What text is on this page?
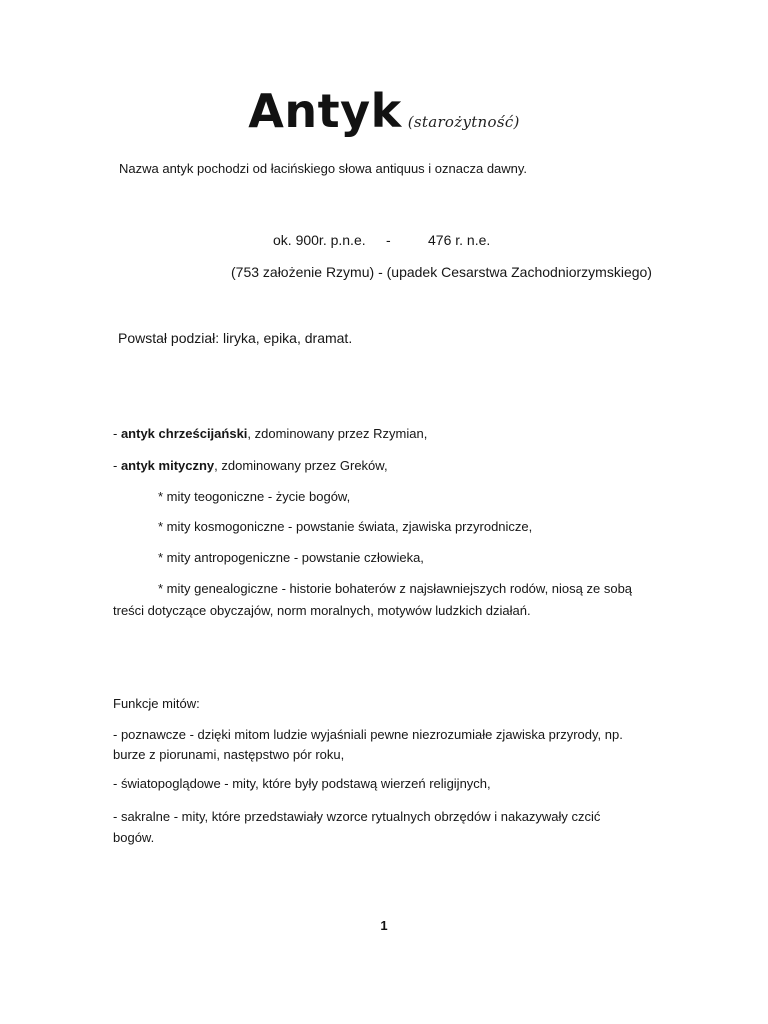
Antyk (starożytność)
Nazwa antyk pochodzi od łacińskiego słowa antiquus i oznacza dawny.
ok. 900r. p.n.e. -	476 r. n.e.
(753 założenie Rzymu) - (upadek Cesarstwa Zachodniorzymskiego)
Powstał podział: liryka, epika, dramat.
- antyk chrześcijański, zdominowany przez Rzymian,
- antyk mityczny, zdominowany przez Greków,
* mity teogoniczne - życie bogów,
* mity kosmogoniczne - powstanie świata, zjawiska przyrodnicze,
* mity antropogeniczne - powstanie człowieka,
* mity genealogiczne - historie bohaterów z najsławniejszych rodów, niosą ze sobą
treści dotyczące obyczajów, norm moralnych, motywów ludzkich działań.
Funkcje mitów:
- poznawcze - dzięki mitom ludzie wyjaśniali pewne niezrozumiałe zjawiska przyrody, np.
burze z piorunami, następstwo pór roku,
- światopoglądowe - mity, które były podstawą wierzeń religijnych,
- sakralne - mity, które przedstawiały wzorce rytualnych obrzędów i nakazywały czcić
bogów.
1
